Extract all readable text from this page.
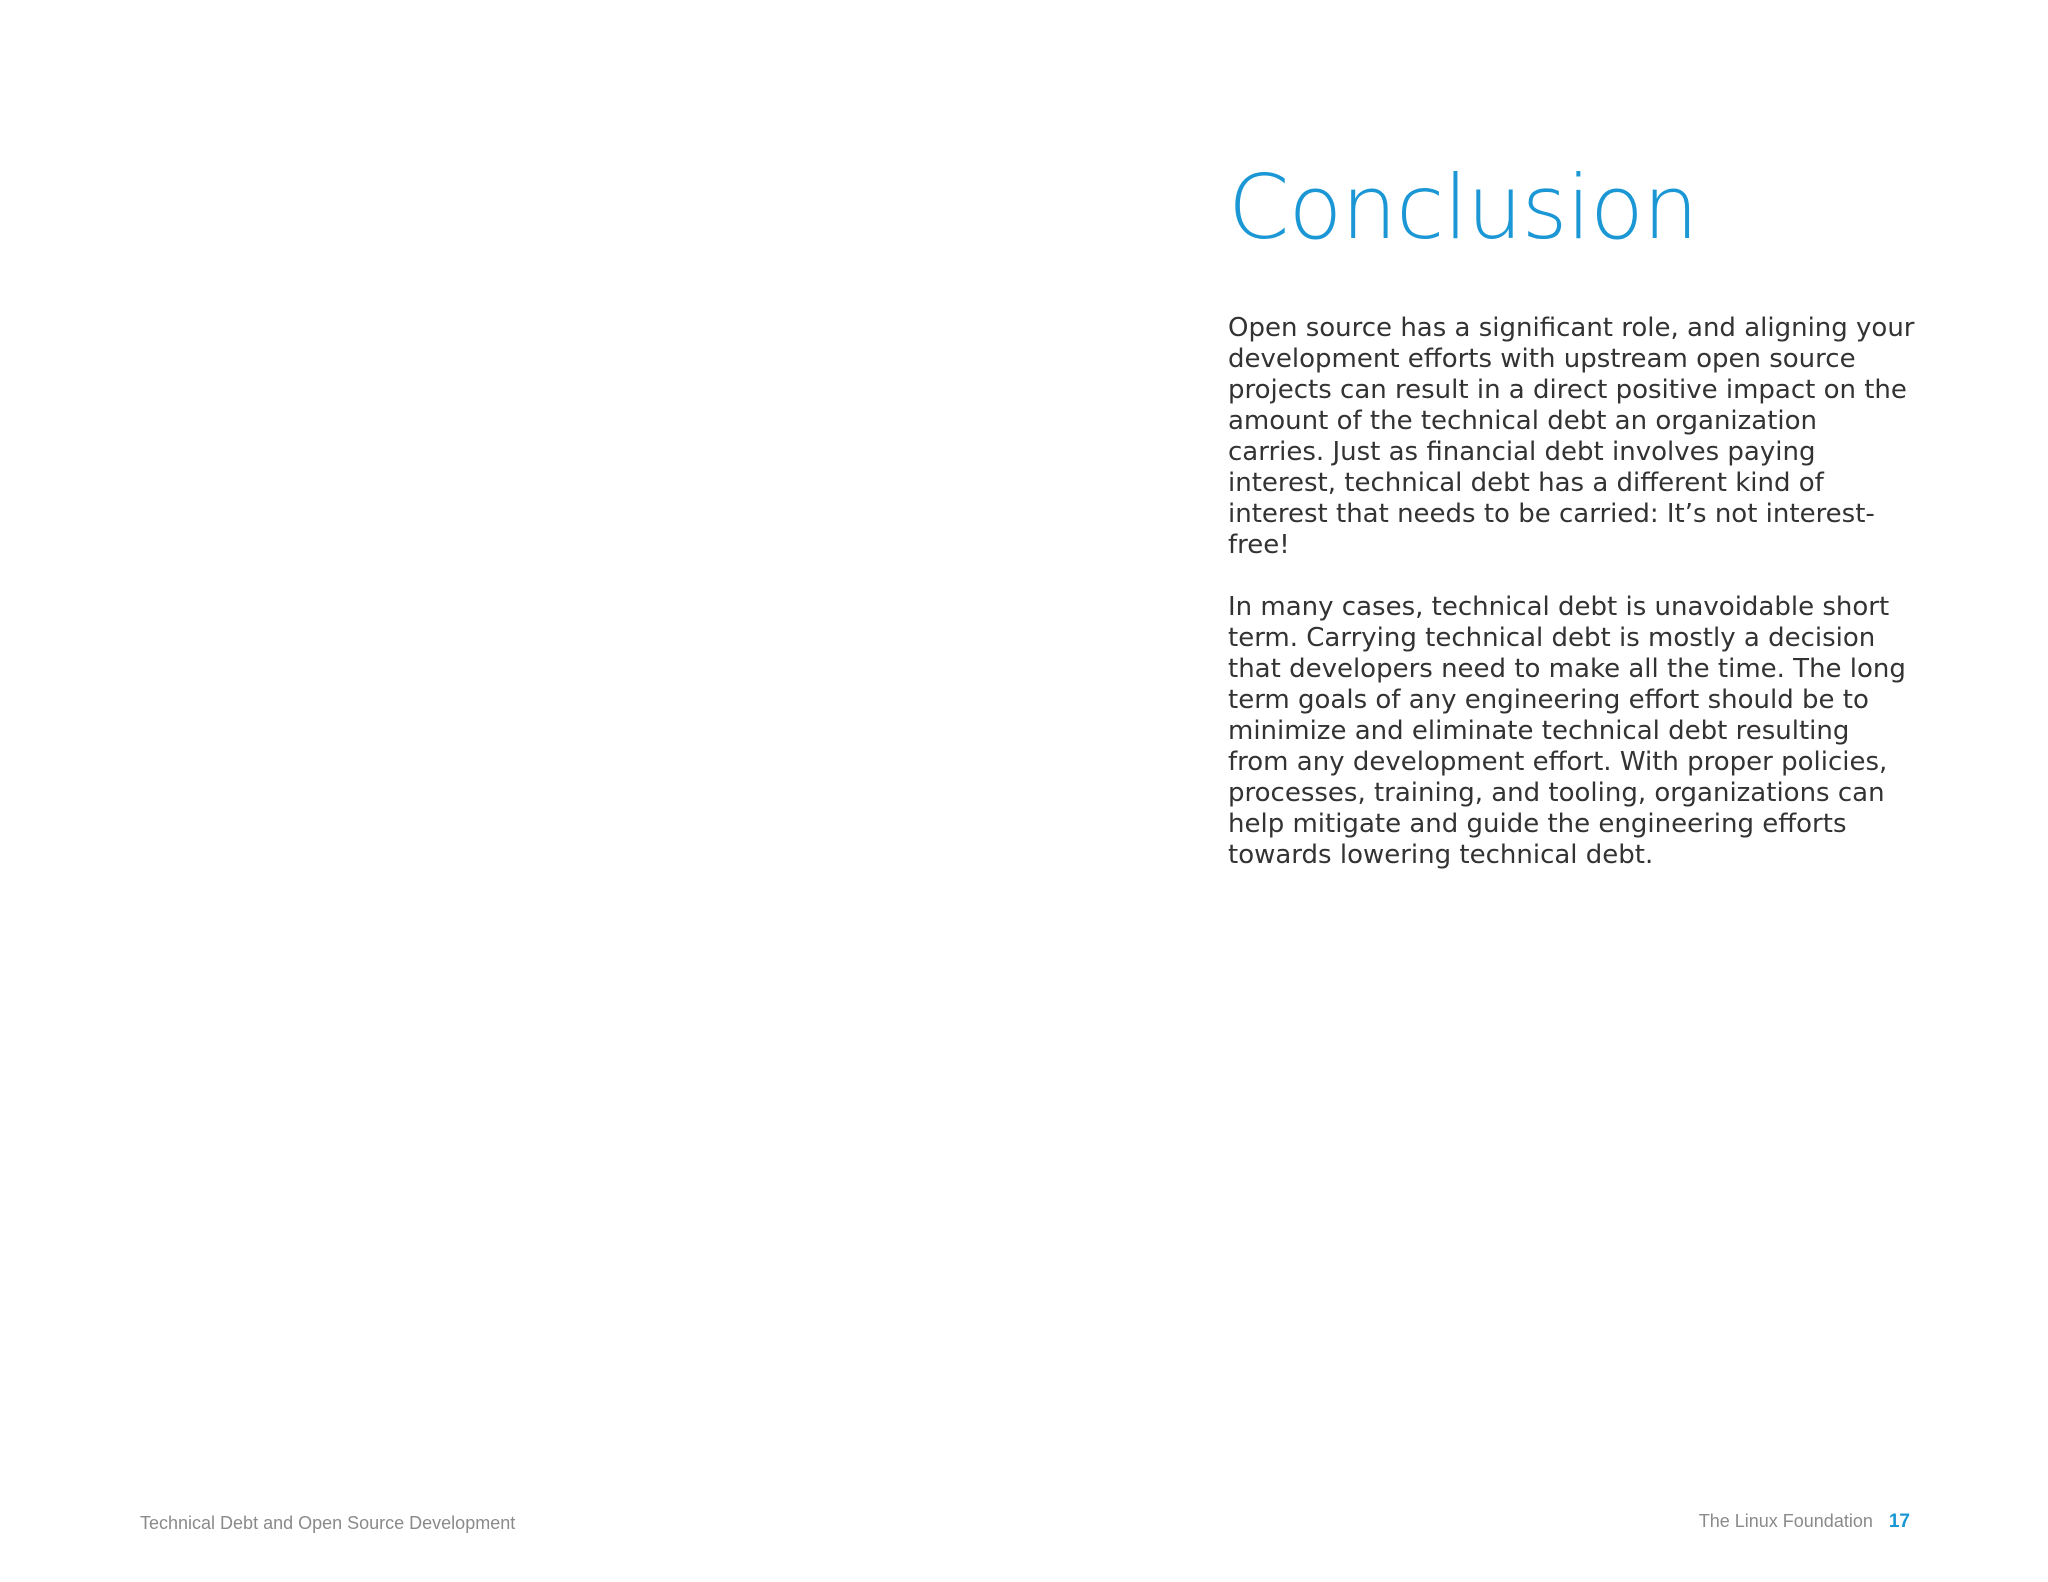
Conclusion

Open source has a significant role, and aligning your development efforts with upstream open source projects can result in a direct positive impact on the amount of the technical debt an organization carries. Just as financial debt involves paying interest, technical debt has a different kind of interest that needs to be carried: It’s not interest-free!

In many cases, technical debt is unavoidable short term. Carrying technical debt is mostly a decision that developers need to make all the time. The long term goals of any engineering effort should be to minimize and eliminate technical debt resulting from any development effort. With proper policies, processes, training, and tooling, organizations can help mitigate and guide the engineering efforts towards lowering technical debt.

Technical Debt and Open Source Development	The Linux Foundation 17
